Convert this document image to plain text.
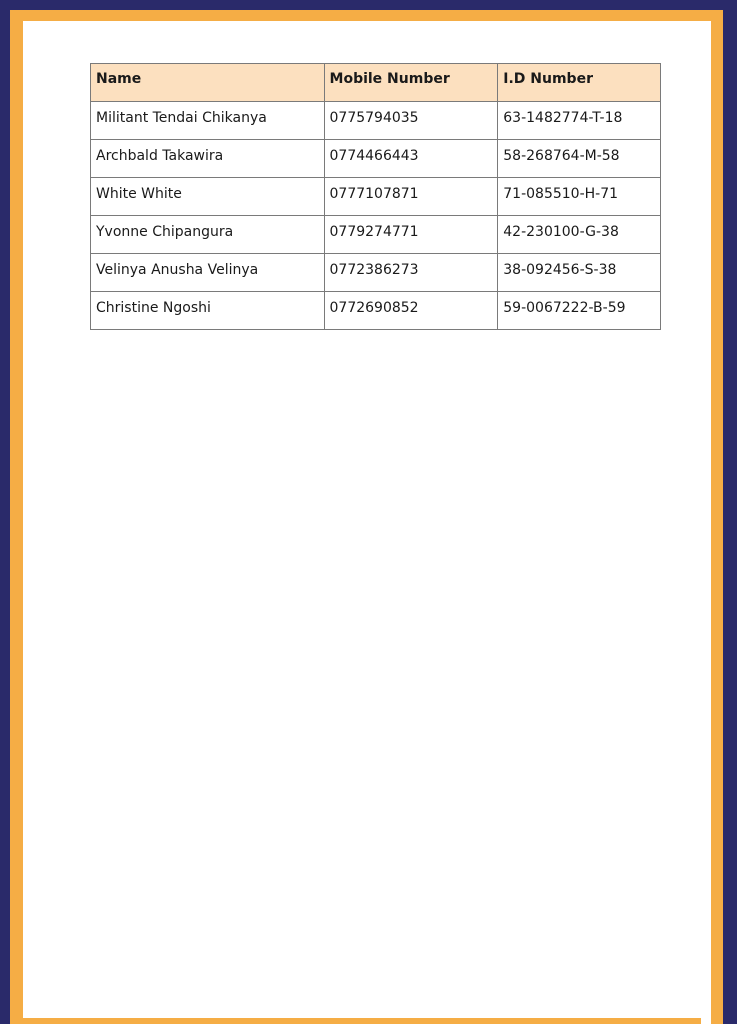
Name	Mobile Number	I.D Number
Militant Tendai Chikanya	0775794035	63-1482774-T-18
Archbald Takawira	0774466443	58-268764-M-58
White White	0777107871	71-085510-H-71
Yvonne Chipangura	0779274771	42-230100-G-38
Velinya Anusha Velinya	0772386273	38-092456-S-38
Christine Ngoshi	0772690852	59-0067222-B-59
